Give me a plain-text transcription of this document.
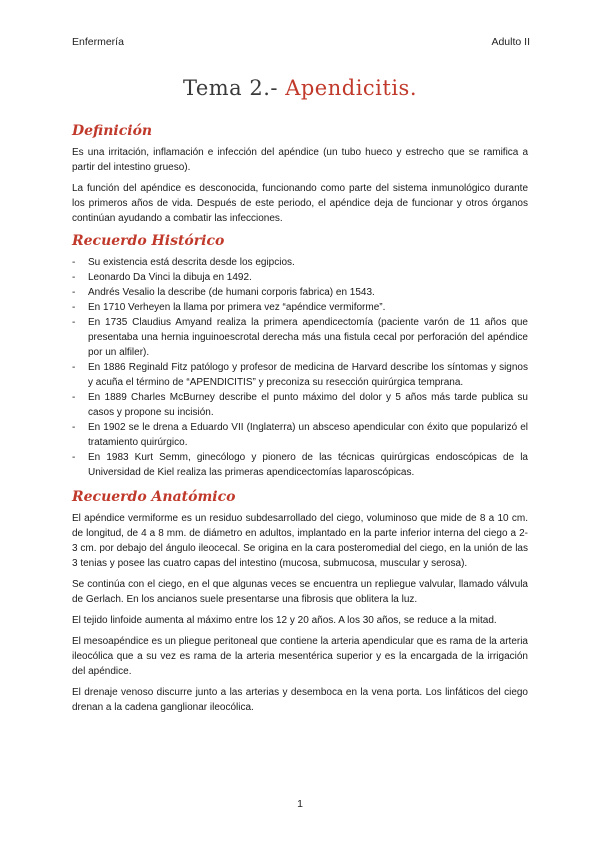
Enfermería	Adulto II
Tema 2.- Apendicitis.
Definición

Es una irritación, inflamación e infección del apéndice (un tubo hueco y estrecho que se ramifica a partir del intestino grueso).

La función del apéndice es desconocida, funcionando como parte del sistema inmunológico durante los primeros años de vida. Después de este periodo, el apéndice deja de funcionar y otros órganos continúan ayudando a combatir las infecciones.

Recuerdo Histórico
- Su existencia está descrita desde los egipcios.
- Leonardo Da Vinci la dibuja en 1492.
- Andrés Vesalio la describe (de humani corporis fabrica) en 1543.
- En 1710 Verheyen la llama por primera vez “apéndice vermiforme”.
- En 1735 Claudius Amyand realiza la primera apendicectomía (paciente varón de 11 años que presentaba una hernia inguinoescrotal derecha más una fistula cecal por perforación del apéndice por un alfiler).
- En 1886 Reginald Fitz patólogo y profesor de medicina de Harvard describe los síntomas y signos y acuña el término de “APENDICITIS” y preconiza su resección quirúrgica temprana.
- En 1889 Charles McBurney describe el punto máximo del dolor y 5 años más tarde publica su casos y propone su incisión.
- En 1902 se le drena a Eduardo VII (Inglaterra) un absceso apendicular con éxito que popularizó el tratamiento quirúrgico.
- En 1983 Kurt Semm, ginecólogo y pionero de las técnicas quirúrgicas endoscópicas de la Universidad de Kiel realiza las primeras apendicectomías laparoscópicas.
Recuerdo Anatómico

El apéndice vermiforme es un residuo subdesarrollado del ciego, voluminoso que mide de 8 a 10 cm. de longitud, de 4 a 8 mm. de diámetro en adultos, implantado en la parte inferior interna del ciego a 2-3 cm. por debajo del ángulo ileocecal. Se origina en la cara posteromedial del ciego, en la unión de las 3 tenias y posee las cuatro capas del intestino (mucosa, submucosa, muscular y serosa).

Se continúa con el ciego, en el que algunas veces se encuentra un repliegue valvular, llamado válvula de Gerlach. En los ancianos suele presentarse una fibrosis que oblitera la luz.

El tejido linfoide aumenta al máximo entre los 12 y 20 años. A los 30 años, se reduce a la mitad.

El mesoapéndice es un pliegue peritoneal que contiene la arteria apendicular que es rama de la arteria ileocólica que a su vez es rama de la arteria mesentérica superior y es la encargada de la irrigación del apéndice.

El drenaje venoso discurre junto a las arterias y desemboca en la vena porta. Los linfáticos del ciego drenan a la cadena ganglionar ileocólica.

1
